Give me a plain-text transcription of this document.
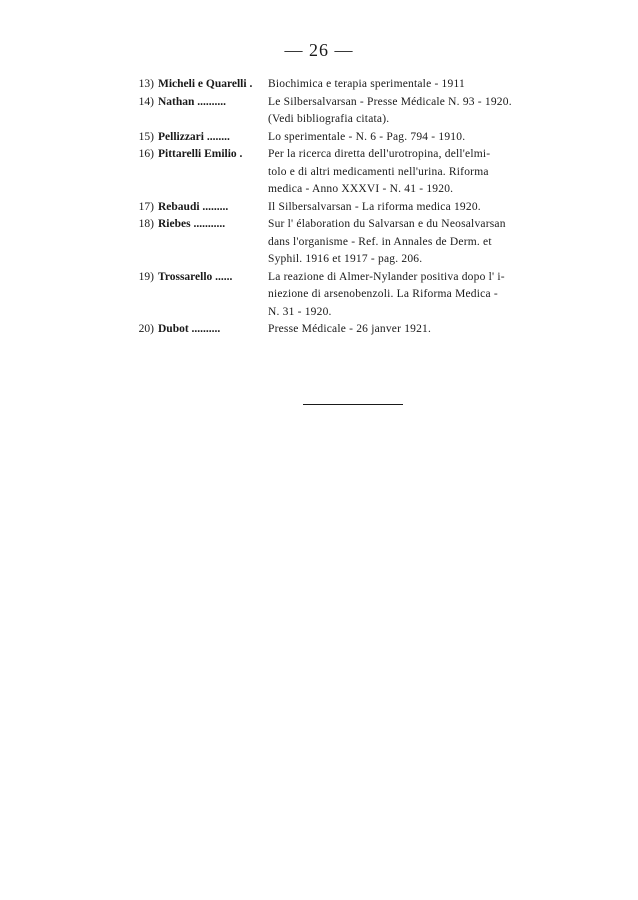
— 26 —
13) Micheli e Quarelli .	Biochimica e terapia sperimentale - 1911
14) Nathan ..........	Le Silbersalvarsan - Presse Médicale N. 93 - 1920.
(Vedi bibliografia citata).
15) Pellizzari ........	Lo sperimentale - N. 6 - Pag. 794 - 1910.
16) Pittarelli Emilio .	Per la ricerca diretta dell'urotropina, dell'elmi-
tolo e di altri medicamenti nell'urina. Riforma
medica - Anno XXXVI - N. 41 - 1920.
17) Rebaudi .........	Il Silbersalvarsan - La riforma medica 1920.
18) Riebes ...........	Sur l' élaboration du Salvarsan e du Neosalvarsan
dans l'organisme - Ref. in Annales de Derm. et
Syphil. 1916 et 1917 - pag. 206.
19) Trossarello ......	La reazione di Almer-Nylander positiva dopo l' i-
niezione di arsenobenzoli. La Riforma Medica -
N. 31 - 1920.
20) Dubot ..........	Presse Médicale - 26 janver 1921.
